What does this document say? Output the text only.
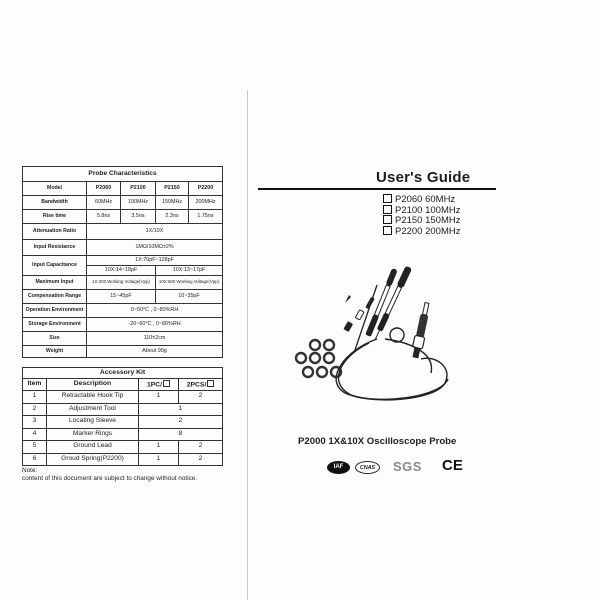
Probe Characteristics				
Model	P2060	P2100	P2150	P2200
Bandwidth	60MHz	100MHz	150MHz	200MHz
Rise time	5.8ns	3.5ns	2.3ns	1.75ns
Attenuation Ratio	1X/10X			
Input Resistance	1MΩ/10MΩ±2%			
Input Capacitance	1X:70pF~128pF			
	10X:14~18pF		10X:13~17pF	
Maximum Input	1X:200 Working Voltage(Vpp)		10X:600 Working Voltage(Vpp)	
Compensation Range	15~45pF		10~35pF	
Operation Environment	0~50°C , 0~80%RH			
Storage Environment	-20~60°C , 0~80%RH			
Size	110±2cm			
Weight	About 90g			
Accessory Kit			
Item	Description	1PC/	2PCS/
1	Retractable Hook Tip	1	2
2	Adjustment Tool	1	
3	Locating Sleeve	2	
4	Marker Rings	8	
5	Ground Lead	1	2
6	Groud Spring(P2200)	1	2
Note:
content of this document are subject to change without notice.
User's Guide
P2060 60MHz
P2100 100MHz
P2150 150MHz
P2200 200MHz
P2000 1X&10X Oscilloscope Probe
IAF	CNAS	SGS CE
